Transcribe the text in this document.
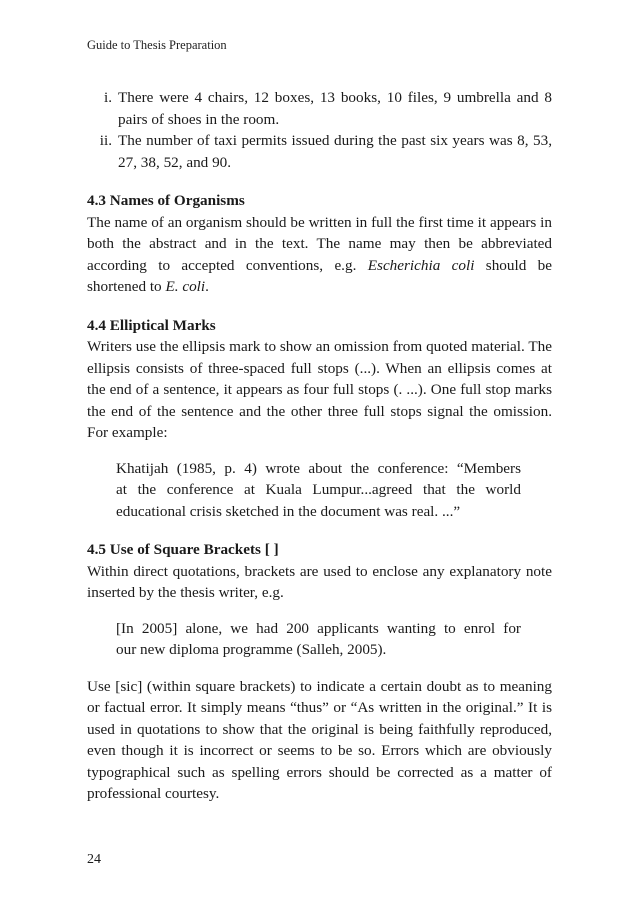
Guide to Thesis Preparation
i. There were 4 chairs, 12 boxes, 13 books, 10 files, 9 umbrella and 8 pairs of shoes in the room.
ii. The number of taxi permits issued during the past six years was 8, 53, 27, 38, 52, and 90.
4.3 Names of Organisms
The name of an organism should be written in full the first time it appears in both the abstract and in the text. The name may then be abbreviated according to accepted conventions, e.g. Escherichia coli should be shortened to E. coli.
4.4 Elliptical Marks
Writers use the ellipsis mark to show an omission from quoted material. The ellipsis consists of three-spaced full stops (...). When an ellipsis comes at the end of a sentence, it appears as four full stops (. ...). One full stop marks the end of the sentence and the other three full stops signal the omission. For example:
Khatijah (1985, p. 4) wrote about the conference: “Members
at the conference at Kuala Lumpur...agreed that the world
educational crisis sketched in the document was real. ...”
4.5 Use of Square Brackets [ ]
Within direct quotations, brackets are used to enclose any explanatory note inserted by the thesis writer, e.g.
[In 2005] alone, we had 200 applicants wanting to enrol for
our new diploma programme (Salleh, 2005).
Use [sic] (within square brackets) to indicate a certain doubt as to meaning or factual error. It simply means “thus” or “As written in the original.” It is used in quotations to show that the original is being faithfully reproduced, even though it is incorrect or seems to be so. Errors which are obviously typographical such as spelling errors should be corrected as a matter of professional courtesy.
24
